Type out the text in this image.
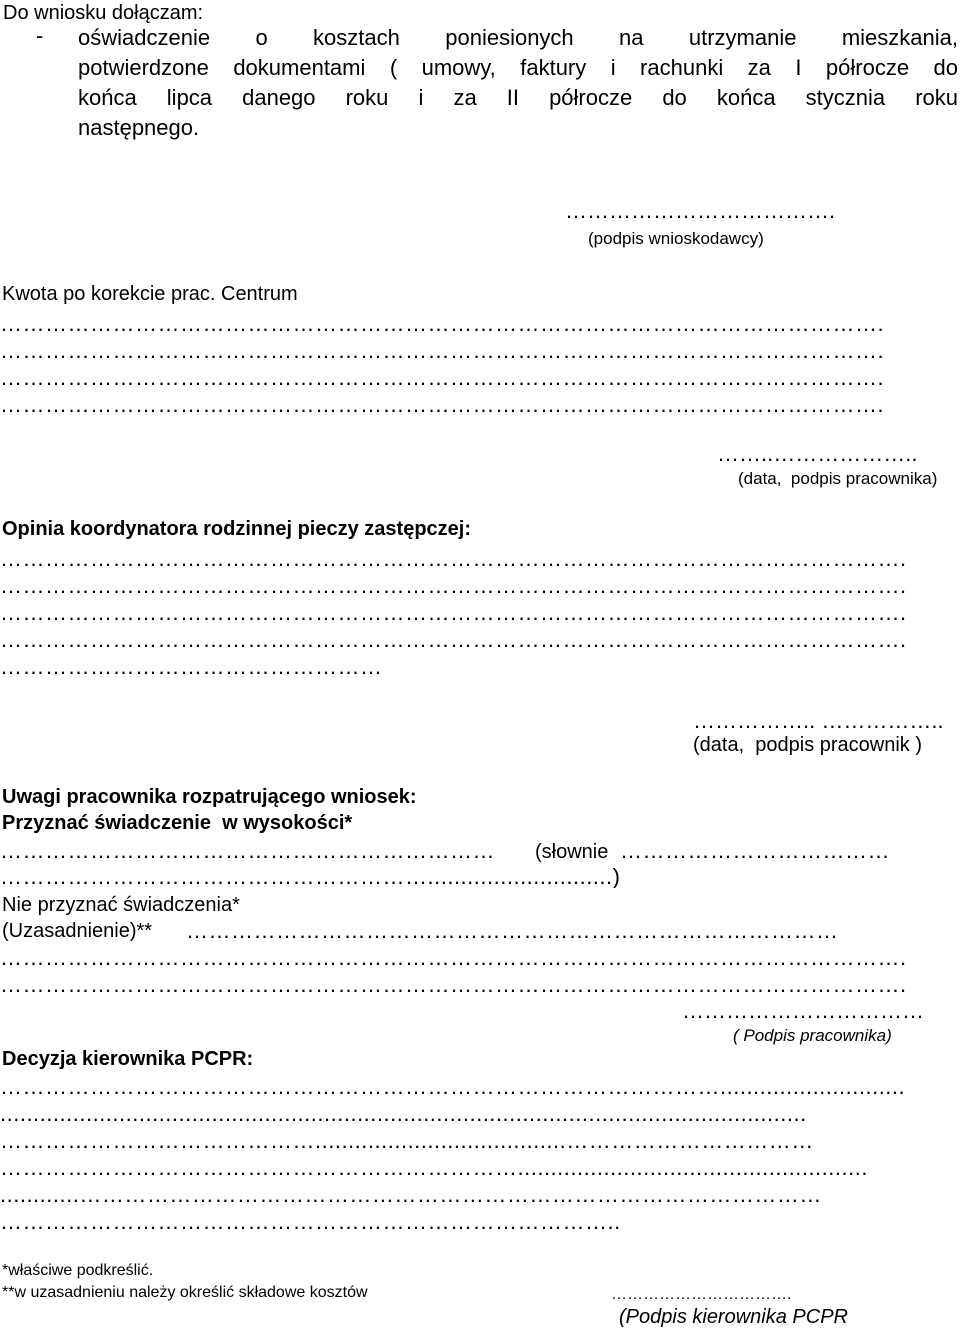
Do wniosku dołączam:
- oświadczenie o kosztach poniesionych na utrzymanie mieszkania,
potwierdzone dokumentami ( umowy, faktury i rachunki za I półrocze do
końca lipca danego roku i za II półrocze do końca stycznia roku
następnego.
……………………………….
(podpis wnioskodawcy)
Kwota po korekcie prac. Centrum
……………………………………………………………………………………………………….
……………………………………………………………………………………………………….
……………………………………………………………………………………………………….
……………………………………………………………………………………………………….
……..………………..
(data,  podpis pracownika)
Opinia koordynatora rodzinnej pieczy zastępczej:
………………………………………………………………………………………………………….
………………………………………………………………………………………………………….
………………………………………………………………………………………………………….
………………………………………………………………………………………………………….
……………………………………………
…………….. ……………..
(data,  podpis pracownik )
Uwagi pracownika rozpatrującego wniosek:
Przyznać świadczenie  w wysokości*
…………………………………………………………	(słownie ………………………………
…………………………………………………............................)
Nie przyznać świadczenia*
(Uzasadnienie)** ……………………………………………………………………………
………………………………………………………………………………………………………….
………………………………………………………………………………………………………….
……………………………
( Podpis pracownika)
Decyzja kierownika PCPR:
……………………………………………………………………………………............................
..........................................................................................................................
……………………………………......................................……………………………
…………………………………………………………….....................................................
............………………………………………………………………………………………
………………………………………………………………………..
*właściwe podkreślić.
**w uzasadnieniu należy określić składowe kosztów	…………………………….
(Podpis kierownika PCPR
